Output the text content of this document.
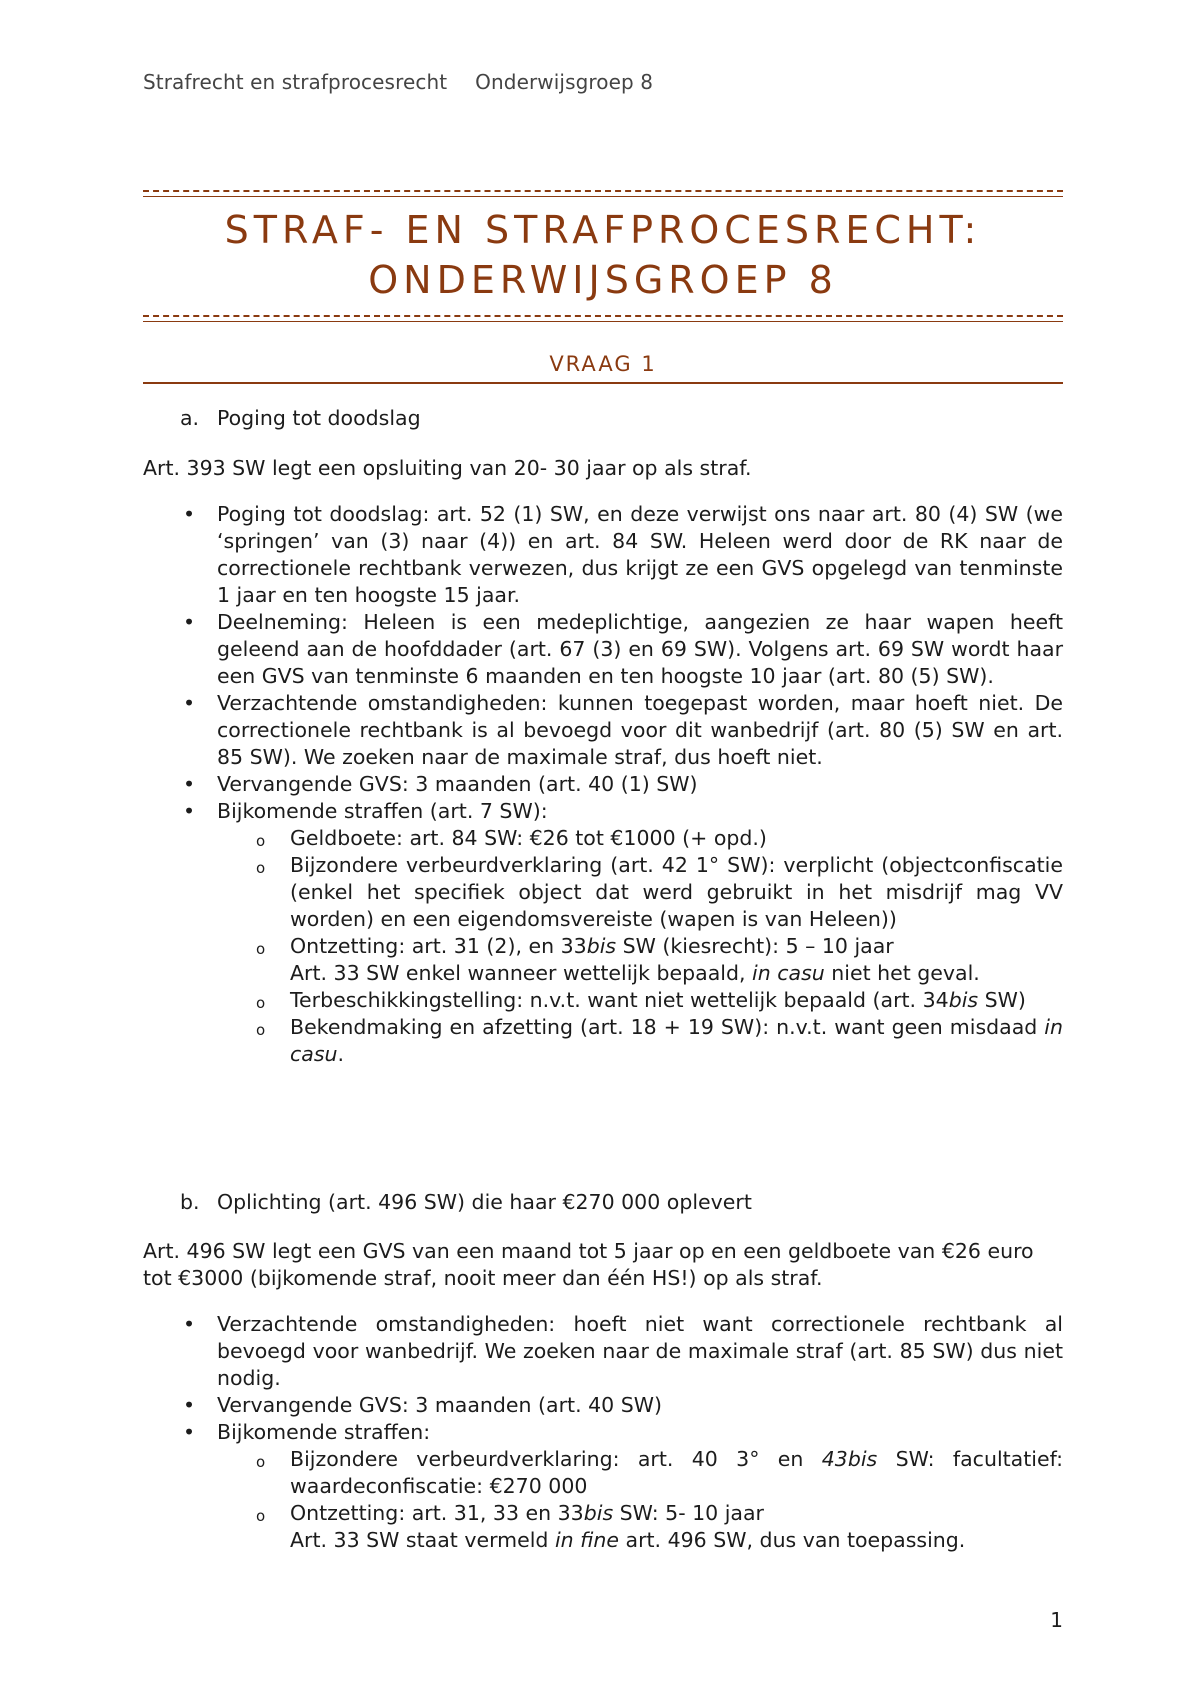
Strafrecht en strafprocesrecht Onderwijsgroep 8
STRAF- EN STRAFPROCESRECHT:
ONDERWIJSGROEP 8
VRAAG 1
a. Poging tot doodslag
Art. 393 SW legt een opsluiting van 20- 30 jaar op als straf.
• Poging tot doodslag: art. 52 (1) SW, en deze verwijst ons naar art. 80 (4) SW (we ‘springen’ van (3) naar (4)) en art. 84 SW. Heleen werd door de RK naar de correctionele rechtbank verwezen, dus krijgt ze een GVS opgelegd van tenminste 1 jaar en ten hoogste 15 jaar.
• Deelneming: Heleen is een medeplichtige, aangezien ze haar wapen heeft geleend aan de hoofddader (art. 67 (3) en 69 SW). Volgens art. 69 SW wordt haar een GVS van tenminste 6 maanden en ten hoogste 10 jaar (art. 80 (5) SW).
• Verzachtende omstandigheden: kunnen toegepast worden, maar hoeft niet. De correctionele rechtbank is al bevoegd voor dit wanbedrijf (art. 80 (5) SW en art. 85 SW). We zoeken naar de maximale straf, dus hoeft niet.
• Vervangende GVS: 3 maanden (art. 40 (1) SW)
• Bijkomende straffen (art. 7 SW):
o Geldboete: art. 84 SW: €26 tot €1000 (+ opd.)
o Bijzondere verbeurdverklaring (art. 42 1° SW): verplicht (objectconfiscatie (enkel het specifiek object dat werd gebruikt in het misdrijf mag VV worden) en een eigendomsvereiste (wapen is van Heleen))
o Ontzetting: art. 31 (2), en 33bis SW (kiesrecht): 5 – 10 jaar
Art. 33 SW enkel wanneer wettelijk bepaald, in casu niet het geval.
o Terbeschikkingstelling: n.v.t. want niet wettelijk bepaald (art. 34bis SW)
o Bekendmaking en afzetting (art. 18 + 19 SW): n.v.t. want geen misdaad in casu.
b. Oplichting (art. 496 SW) die haar €270 000 oplevert
Art. 496 SW legt een GVS van een maand tot 5 jaar op en een geldboete van €26 euro tot €3000 (bijkomende straf, nooit meer dan één HS!) op als straf.
• Verzachtende omstandigheden: hoeft niet want correctionele rechtbank al bevoegd voor wanbedrijf. We zoeken naar de maximale straf (art. 85 SW) dus niet nodig.
• Vervangende GVS: 3 maanden (art. 40 SW)
• Bijkomende straffen:
o Bijzondere verbeurdverklaring: art. 40 3° en 43bis SW: facultatief: waardeconfiscatie: €270 000
o Ontzetting: art. 31, 33 en 33bis SW: 5- 10 jaar
Art. 33 SW staat vermeld in fine art. 496 SW, dus van toepassing.
1
